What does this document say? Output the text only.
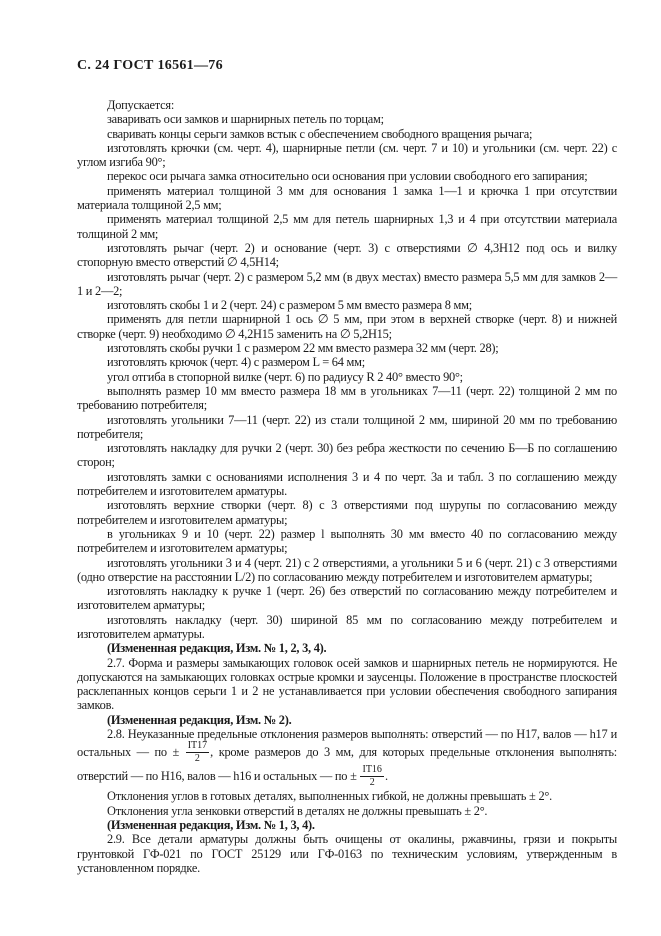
С. 24 ГОСТ 16561—76

Допускается:

заваривать оси замков и шарнирных петель по торцам;

сваривать концы серьги замков встык с обеспечением свободного вращения рычага;

изготовлять крючки (см. черт. 4), шарнирные петли (см. черт. 7 и 10) и угольники (см. черт. 22) с углом изгиба 90°;

перекос оси рычага замка относительно оси основания при условии свободного его запирания;

применять материал толщиной 3 мм для основания 1 замка 1—1 и крючка 1 при отсутствии материала толщиной 2,5 мм;

применять материал толщиной 2,5 мм для петель шарнирных 1,3 и 4 при отсутствии материала толщиной 2 мм;

изготовлять рычаг (черт. 2) и основание (черт. 3) с отверстиями ∅ 4,3Н12 под ось и вилку стопорную вместо отверстий ∅ 4,5Н14;

изготовлять рычаг (черт. 2) с размером 5,2 мм (в двух местах) вместо размера 5,5 мм для замков 2—1 и 2—2;

изготовлять скобы 1 и 2 (черт. 24) с размером 5 мм вместо размера 8 мм;

применять для петли шарнирной 1 ось ∅ 5 мм, при этом в верхней створке (черт. 8) и нижней створке (черт. 9) необходимо ∅ 4,2Н15 заменить на ∅ 5,2Н15;

изготовлять скобы ручки 1 с размером 22 мм вместо размера 32 мм (черт. 28);

изготовлять крючок (черт. 4) с размером L = 64 мм;

угол отгиба в стопорной вилке (черт. 6) по радиусу R 2 40° вместо 90°;

выполнять размер 10 мм вместо размера 18 мм в угольниках 7—11 (черт. 22) толщиной 2 мм по требованию потребителя;

изготовлять угольники 7—11 (черт. 22) из стали толщиной 2 мм, шириной 20 мм по требованию потребителя;

изготовлять накладку для ручки 2 (черт. 30) без ребра жесткости по сечению Б—Б по соглашению сторон;

изготовлять замки с основаниями исполнения 3 и 4 по черт. 3а и табл. 3 по соглашению между потребителем и изготовителем арматуры.

изготовлять верхние створки (черт. 8) с 3 отверстиями под шурупы по согласованию между потребителем и изготовителем арматуры;

в угольниках 9 и 10 (черт. 22) размер l выполнять 30 мм вместо 40 по согласованию между потребителем и изготовителем арматуры;

изготовлять угольники 3 и 4 (черт. 21) с 2 отверстиями, а угольники 5 и 6 (черт. 21) с 3 отверстиями (одно отверстие на расстоянии L/2) по согласованию между потребителем и изготовителем арматуры;

изготовлять накладку к ручке 1 (черт. 26) без отверстий по согласованию между потребителем и изготовителем арматуры;

изготовлять накладку (черт. 30) шириной 85 мм по согласованию между потребителем и изготовителем арматуры.

(Измененная редакция, Изм. № 1, 2, 3, 4).

2.7. Форма и размеры замыкающих головок осей замков и шарнирных петель не нормируются. Не допускаются на замыкающих головках острые кромки и заусенцы. Положение в пространстве плоскостей расклепанных концов серьги 1 и 2 не устанавливается при условии обеспечения свободного запирания замков.

(Измененная редакция, Изм. № 2).

2.8. Неуказанные предельные отклонения размеров выполнять: отверстий — по Н17, валов — h17 и остальных — по ± $\frac{IT17}{2}$ , кроме размеров до 3 мм, для которых предельные отклонения выполнять: отверстий — по Н16, валов — h16 и остальных — по ± $\frac{IT16}{2}$ .

Отклонения углов в готовых деталях, выполненных гибкой, не должны превышать ± 2°.

Отклонения угла зенковки отверстий в деталях не должны превышать ± 2°.

(Измененная редакция, Изм. № 1, 3, 4).

2.9. Все детали арматуры должны быть очищены от окалины, ржавчины, грязи и покрыты грунтовкой ГФ-021 по ГОСТ 25129 или ГФ-0163 по техническим условиям, утвержденным в установленном порядке.
